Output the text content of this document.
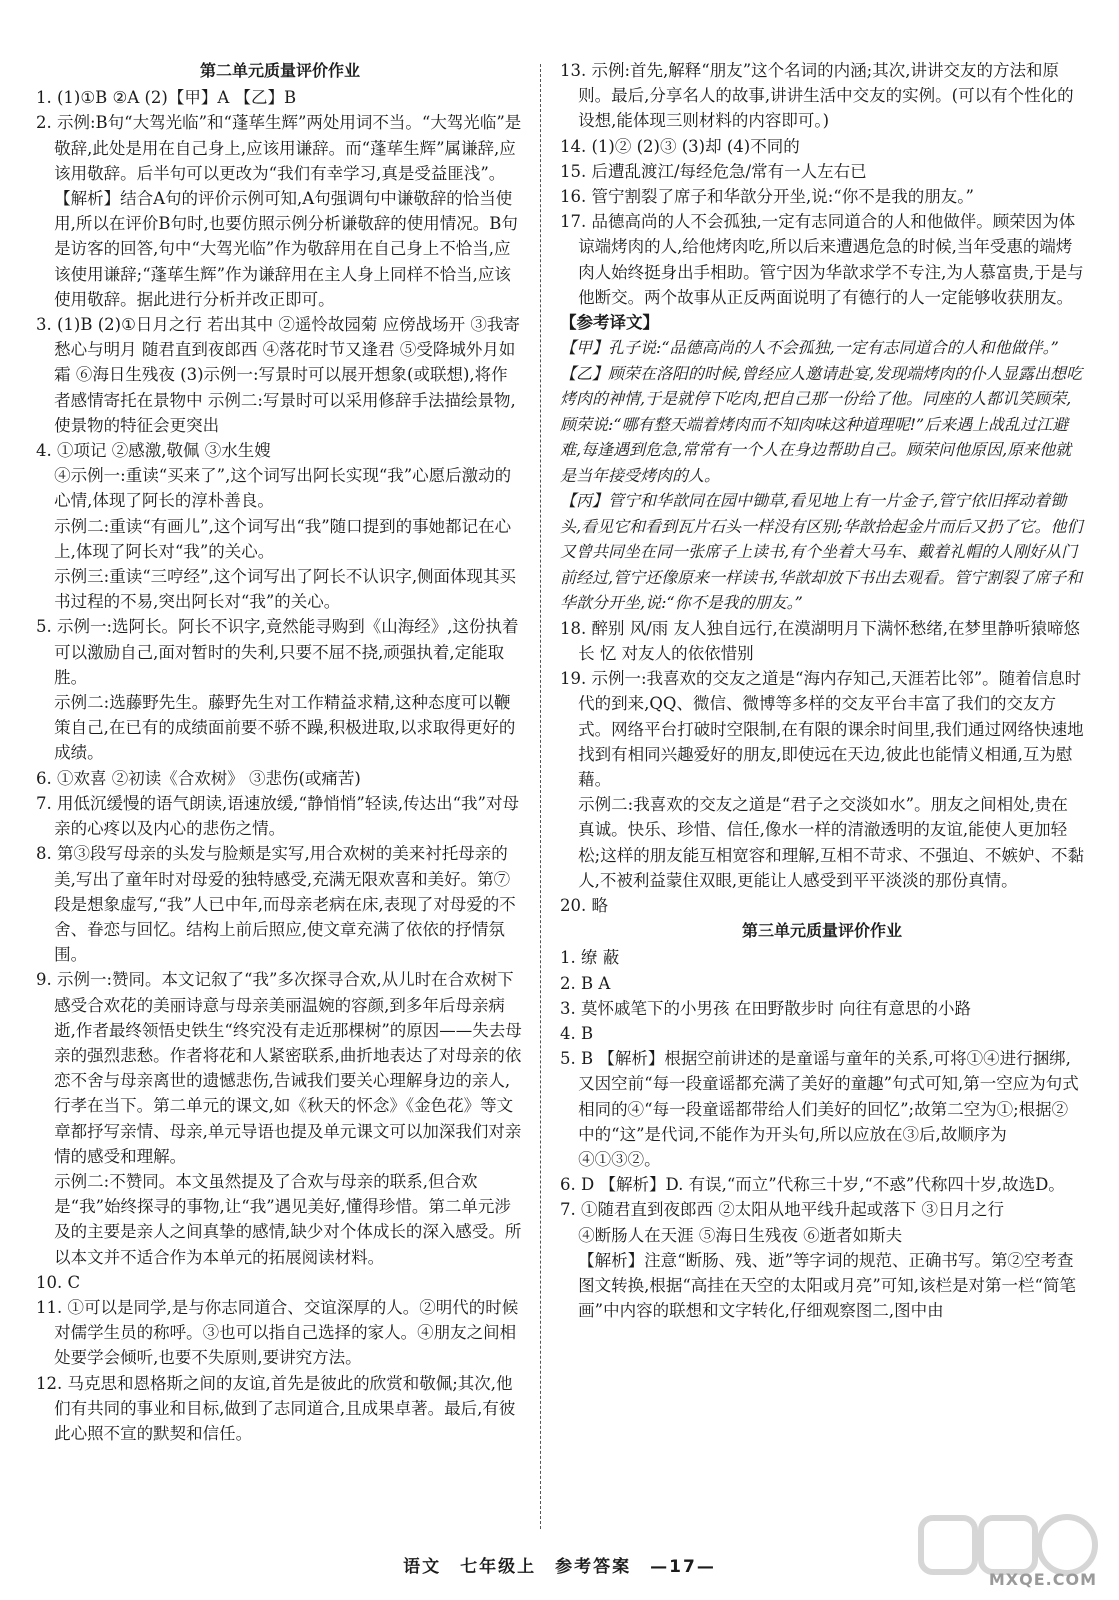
第二单元质量评价作业

1. (1)①B ②A (2)【甲】A 【乙】B

2. 示例:B句“大驾光临”和“蓬荜生辉”两处用词不当。“大驾光临”是敬辞,此处是用在自己身上,应该用谦辞。而“蓬荜生辉”属谦辞,应该用敬辞。后半句可以更改为“我们有幸学习,真是受益匪浅”。

【解析】结合A句的评价示例可知,A句强调句中谦敬辞的恰当使用,所以在评价B句时,也要仿照示例分析谦敬辞的使用情况。B句是访客的回答,句中“大驾光临”作为敬辞用在自己身上不恰当,应该使用谦辞;“蓬荜生辉”作为谦辞用在主人身上同样不恰当,应该使用敬辞。据此进行分析并改正即可。

3. (1)B (2)①日月之行 若出其中 ②遥怜故园菊 应傍战场开 ③我寄愁心与明月 随君直到夜郎西 ④落花时节又逢君 ⑤受降城外月如霜 ⑥海日生残夜 (3)示例一:写景时可以展开想象(或联想),将作者感情寄托在景物中 示例二:写景时可以采用修辞手法描绘景物,使景物的特征会更突出

4. ①项记 ②感激,敬佩 ③水生嫂

④示例一:重读“买来了”,这个词写出阿长实现“我”心愿后激动的心情,体现了阿长的淳朴善良。

示例二:重读“有画儿”,这个词写出“我”随口提到的事她都记在心上,体现了阿长对“我”的关心。

示例三:重读“三哼经”,这个词写出了阿长不认识字,侧面体现其买书过程的不易,突出阿长对“我”的关心。

5. 示例一:选阿长。阿长不识字,竟然能寻购到《山海经》,这份执着可以激励自己,面对暂时的失利,只要不屈不挠,顽强执着,定能取胜。

示例二:选藤野先生。藤野先生对工作精益求精,这种态度可以鞭策自己,在已有的成绩面前要不骄不躁,积极进取,以求取得更好的成绩。

6. ①欢喜 ②初读《合欢树》 ③悲伤(或痛苦)

7. 用低沉缓慢的语气朗读,语速放缓,“静悄悄”轻读,传达出“我”对母亲的心疼以及内心的悲伤之情。

8. 第③段写母亲的头发与脸颊是实写,用合欢树的美来衬托母亲的美,写出了童年时对母爱的独特感受,充满无限欢喜和美好。第⑦段是想象虚写,“我”人已中年,而母亲老病在床,表现了对母爱的不舍、眷恋与回忆。结构上前后照应,使文章充满了依依的抒情氛围。

9. 示例一:赞同。本文记叙了“我”多次探寻合欢,从儿时在合欢树下感受合欢花的美丽诗意与母亲美丽温婉的容颜,到多年后母亲病逝,作者最终领悟史铁生“终究没有走近那棵树”的原因——失去母亲的强烈悲愁。作者将花和人紧密联系,曲折地表达了对母亲的依恋不舍与母亲离世的遗憾悲伤,告诫我们要关心理解身边的亲人,行孝在当下。第二单元的课文,如《秋天的怀念》《金色花》等文章都抒写亲情、母亲,单元导语也提及单元课文可以加深我们对亲情的感受和理解。

示例二:不赞同。本文虽然提及了合欢与母亲的联系,但合欢是“我”始终探寻的事物,让“我”遇见美好,懂得珍惜。第二单元涉及的主要是亲人之间真挚的感情,缺少对个体成长的深入感受。所以本文并不适合作为本单元的拓展阅读材料。

10. C

11. ①可以是同学,是与你志同道合、交谊深厚的人。②明代的时候对儒学生员的称呼。③也可以指自己选择的家人。④朋友之间相处要学会倾听,也要不失原则,要讲究方法。

12. 马克思和恩格斯之间的友谊,首先是彼此的欣赏和敬佩;其次,他们有共同的事业和目标,做到了志同道合,且成果卓著。最后,有彼此心照不宣的默契和信任。

13. 示例:首先,解释“朋友”这个名词的内涵;其次,讲讲交友的方法和原则。最后,分享名人的故事,讲讲生活中交友的实例。(可以有个性化的设想,能体现三则材料的内容即可。)

14. (1)② (2)③ (3)却 (4)不同的

15. 后遭乱渡江/每经危急/常有一人左右已

16. 管宁割裂了席子和华歆分开坐,说:“你不是我的朋友。”

17. 品德高尚的人不会孤独,一定有志同道合的人和他做伴。顾荣因为体谅端烤肉的人,给他烤肉吃,所以后来遭遇危急的时候,当年受惠的端烤肉人始终挺身出手相助。管宁因为华歆求学不专注,为人慕富贵,于是与他断交。两个故事从正反两面说明了有德行的人一定能够收获朋友。

【参考译文】

【甲】孔子说:“品德高尚的人不会孤独,一定有志同道合的人和他做伴。”

【乙】顾荣在洛阳的时候,曾经应人邀请赴宴,发现端烤肉的仆人显露出想吃烤肉的神情,于是就停下吃肉,把自己那一份给了他。同座的人都讥笑顾荣,顾荣说:“哪有整天端着烤肉而不知肉味这种道理呢!”后来遇上战乱过江避难,每逢遇到危急,常常有一个人在身边帮助自己。顾荣问他原因,原来他就是当年接受烤肉的人。

【丙】管宁和华歆同在园中锄草,看见地上有一片金子,管宁依旧挥动着锄头,看见它和看到瓦片石头一样没有区别;华歆拾起金片而后又扔了它。他们又曾共同坐在同一张席子上读书,有个坐着大马车、戴着礼帽的人刚好从门前经过,管宁还像原来一样读书,华歆却放下书出去观看。管宁割裂了席子和华歆分开坐,说:“你不是我的朋友。”

18. 醉别 风/雨 友人独自远行,在漠湖明月下满怀愁绪,在梦里静听猿啼悠长 忆 对友人的依依惜别

19. 示例一:我喜欢的交友之道是“海内存知己,天涯若比邻”。随着信息时代的到来,QQ、微信、微博等多样的交友平台丰富了我们的交友方式。网络平台打破时空限制,在有限的课余时间里,我们通过网络快速地找到有相同兴趣爱好的朋友,即使远在天边,彼此也能情义相通,互为慰藉。

示例二:我喜欢的交友之道是“君子之交淡如水”。朋友之间相处,贵在真诚。快乐、珍惜、信任,像水一样的清澈透明的友谊,能使人更加轻松;这样的朋友能互相宽容和理解,互相不苛求、不强迫、不嫉妒、不黏人,不被利益蒙住双眼,更能让人感受到平平淡淡的那份真情。

20. 略

第三单元质量评价作业

1. 缭 蔽

2. B A

3. 莫怀戚笔下的小男孩 在田野散步时 向往有意思的小路

4. B

5. B 【解析】根据空前讲述的是童谣与童年的关系,可将①④进行捆绑,又因空前“每一段童谣都充满了美好的童趣”句式可知,第一空应为句式相同的④“每一段童谣都带给人们美好的回忆”;故第二空为①;根据②中的“这”是代词,不能作为开头句,所以应放在③后,故顺序为④①③②。

6. D 【解析】D. 有误,“而立”代称三十岁,“不惑”代称四十岁,故选D。

7. ①随君直到夜郎西 ②太阳从地平线升起或落下 ③日月之行

④断肠人在天涯 ⑤海日生残夜 ⑥逝者如斯夫

【解析】注意“断肠、残、逝”等字词的规范、正确书写。第②空考查图文转换,根据“高挂在天空的太阳或月亮”可知,该栏是对第一栏“简笔画”中内容的联想和文字转化,仔细观察图二,图中由

语文　七年级上　参考答案　—17—
MXQE.COM
